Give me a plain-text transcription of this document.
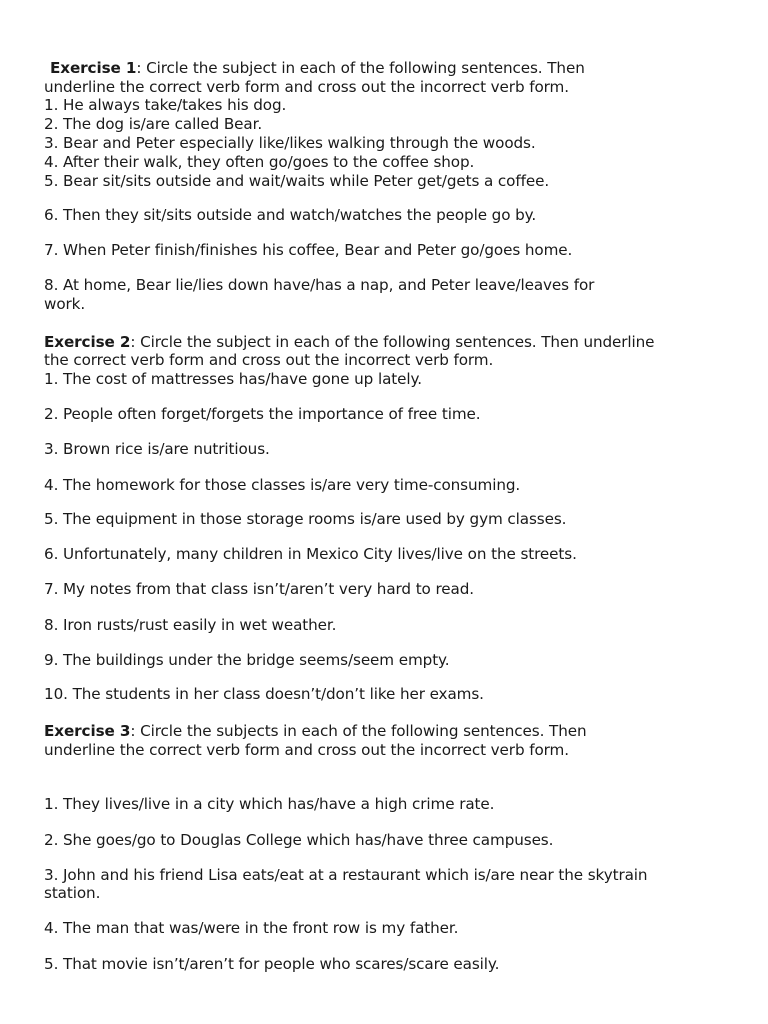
Exercise 1: Circle the subject in each of the following sentences. Then
underline the correct verb form and cross out the incorrect verb form.
1. He always take/takes his dog.
2. The dog is/are called Bear.
3. Bear and Peter especially like/likes walking through the woods.
4. After their walk, they often go/goes to the coffee shop.
5. Bear sit/sits outside and wait/waits while Peter get/gets a coffee.
6. Then they sit/sits outside and watch/watches the people go by.
7. When Peter finish/finishes his coffee, Bear and Peter go/goes home.
8. At home, Bear lie/lies down have/has a nap, and Peter leave/leaves for
work.
Exercise 2: Circle the subject in each of the following sentences. Then underline
the correct verb form and cross out the incorrect verb form.
1. The cost of mattresses has/have gone up lately.
2. People often forget/forgets the importance of free time.
3. Brown rice is/are nutritious.
4. The homework for those classes is/are very time-consuming.
5. The equipment in those storage rooms is/are used by gym classes.
6. Unfortunately, many children in Mexico City lives/live on the streets.
7. My notes from that class isn’t/aren’t very hard to read.
8. Iron rusts/rust easily in wet weather.
9. The buildings under the bridge seems/seem empty.
10. The students in her class doesn’t/don’t like her exams.
Exercise 3: Circle the subjects in each of the following sentences. Then
underline the correct verb form and cross out the incorrect verb form.
1. They lives/live in a city which has/have a high crime rate.
2. She goes/go to Douglas College which has/have three campuses.
3. John and his friend Lisa eats/eat at a restaurant which is/are near the skytrain
station.
4. The man that was/were in the front row is my father.
5. That movie isn’t/aren’t for people who scares/scare easily.
